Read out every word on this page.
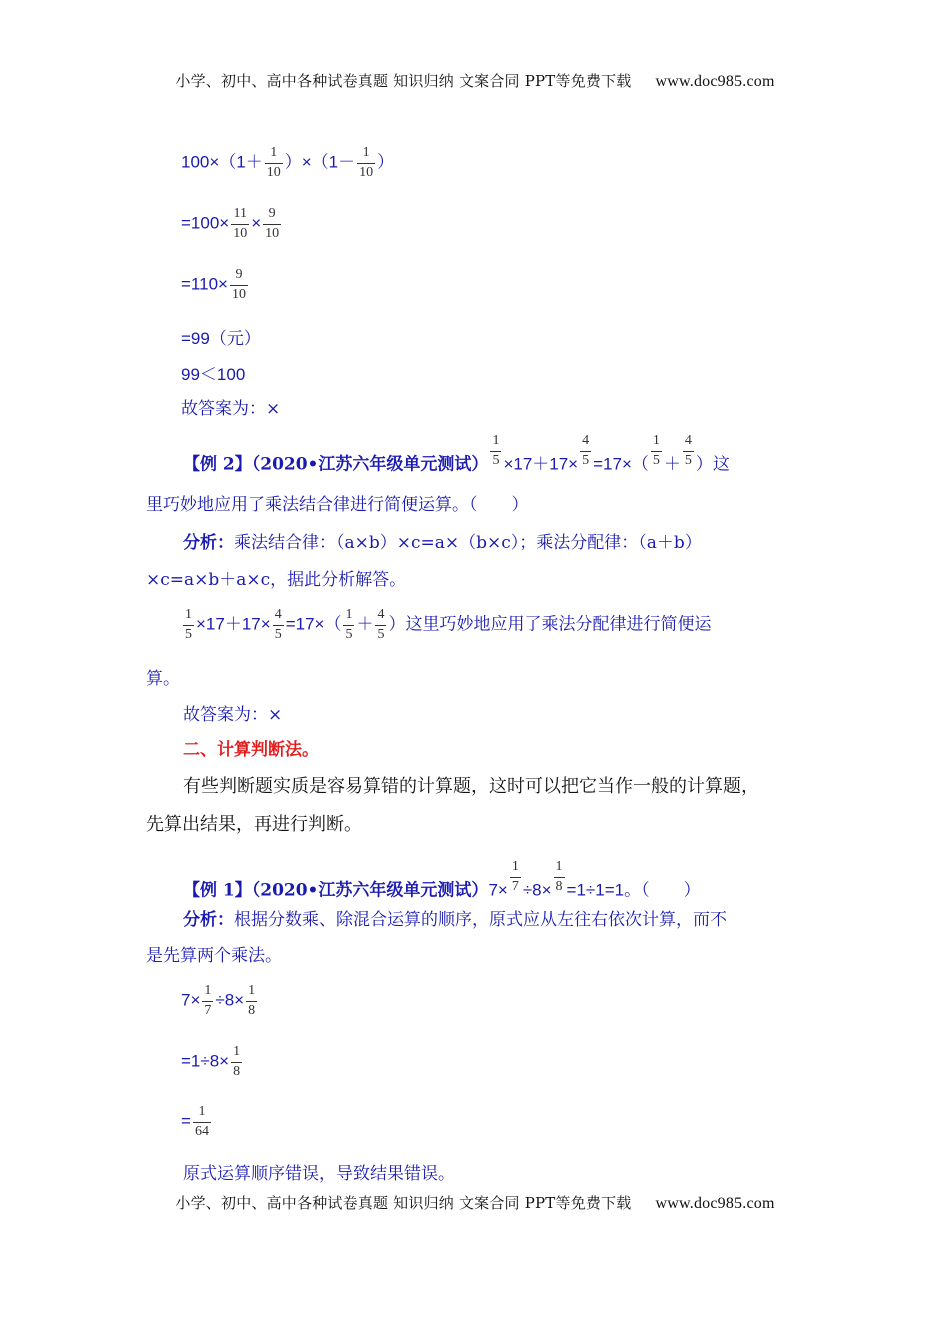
小学、初中、高中各种试卷真题 知识归纳 文案合同 PPT等免费下载 www.doc985.com
$100\times(1+ \frac{1}{10} )\times(1- \frac{1}{10}$ ）
$=100\times \frac{11}{10} \times \frac{9}{10}$
$=110\times \frac{9}{10}$
=99（元）
99＜100
故答案为：×
【例 2】（2020•江苏六年级单元测试） $\frac{1}{5} \times 17+17\times \frac{4}{5} =17\times( \frac{1}{5} + \frac{4}{5}$ ）这
里巧妙地应用了乘法结合律进行简便运算。（　　）
分析：乘法结合律：（a×b）×c=a×（b×c）；乘法分配律：（a＋b）
×c=a×b＋a×c，据此分析解答。
$\frac{1}{5} \times 17+17\times \frac{4}{5} =17\times( \frac{1}{5} + \frac{4}{5}$ ）这里巧妙地应用了乘法分配律进行简便运
算。
故答案为：×
二、计算判断法。
有些判断题实质是容易算错的计算题，这时可以把它当作一般的计算题，
先算出结果，再进行判断。
【例 1】（2020•江苏六年级单元测试）$7\times \frac{1}{7} \div 8\times \frac{1}{8} =1\div 1=1$。（　　）
分析：根据分数乘、除混合运算的顺序，原式应从左往右依次计算，而不
是先算两个乘法。
$7\times \frac{1}{7} \div 8\times \frac{1}{8}$
$=1\div 8\times \frac{1}{8}$
= $\frac{1}{64}$
原式运算顺序错误，导致结果错误。
小学、初中、高中各种试卷真题 知识归纳 文案合同 PPT等免费下载 www.doc985.com
